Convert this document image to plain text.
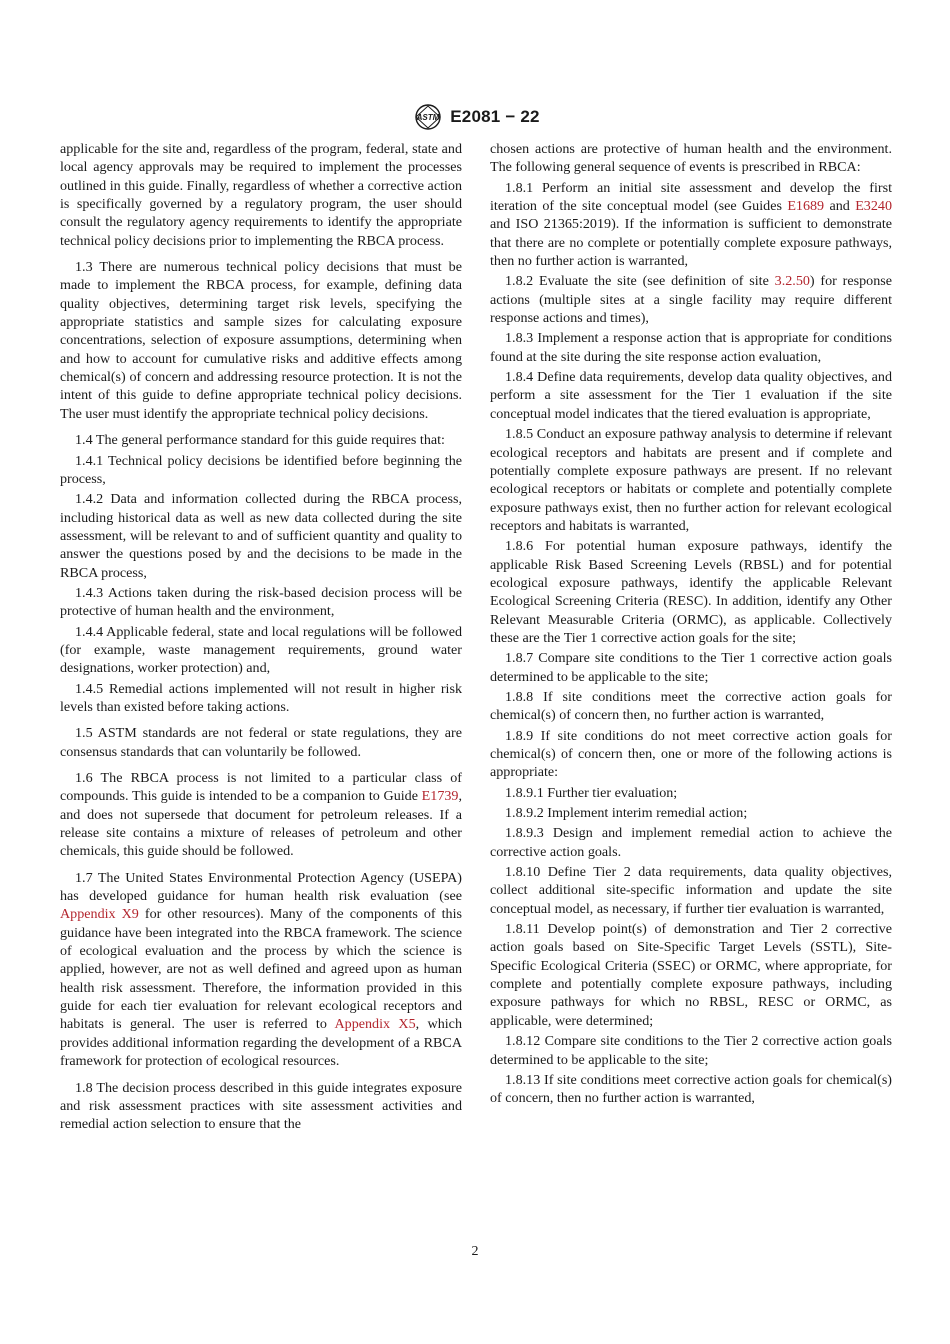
ASTM E2081 − 22

applicable for the site and, regardless of the program, federal, state and local agency approvals may be required to implement the processes outlined in this guide. Finally, regardless of whether a corrective action is specifically governed by a regulatory program, the user should consult the regulatory agency requirements to identify the appropriate technical policy decisions prior to implementing the RBCA process.

1.3 There are numerous technical policy decisions that must be made to implement the RBCA process, for example, defining data quality objectives, determining target risk levels, specifying the appropriate statistics and sample sizes for calculating exposure concentrations, selection of exposure assumptions, determining when and how to account for cumulative risks and additive effects among chemical(s) of concern and addressing resource protection. It is not the intent of this guide to define appropriate technical policy decisions. The user must identify the appropriate technical policy decisions.

1.4 The general performance standard for this guide requires that:

1.4.1 Technical policy decisions be identified before beginning the process,

1.4.2 Data and information collected during the RBCA process, including historical data as well as new data collected during the site assessment, will be relevant to and of sufficient quantity and quality to answer the questions posed by and the decisions to be made in the RBCA process,

1.4.3 Actions taken during the risk-based decision process will be protective of human health and the environment,

1.4.4 Applicable federal, state and local regulations will be followed (for example, waste management requirements, ground water designations, worker protection) and,

1.4.5 Remedial actions implemented will not result in higher risk levels than existed before taking actions.

1.5 ASTM standards are not federal or state regulations, they are consensus standards that can voluntarily be followed.

1.6 The RBCA process is not limited to a particular class of compounds. This guide is intended to be a companion to Guide E1739, and does not supersede that document for petroleum releases. If a release site contains a mixture of releases of petroleum and other chemicals, this guide should be followed.

1.7 The United States Environmental Protection Agency (USEPA) has developed guidance for human health risk evaluation (see Appendix X9 for other resources). Many of the components of this guidance have been integrated into the RBCA framework. The science of ecological evaluation and the process by which the science is applied, however, are not as well defined and agreed upon as human health risk assessment. Therefore, the information provided in this guide for each tier evaluation for relevant ecological receptors and habitats is general. The user is referred to Appendix X5, which provides additional information regarding the development of a RBCA framework for protection of ecological resources.

1.8 The decision process described in this guide integrates exposure and risk assessment practices with site assessment activities and remedial action selection to ensure that the

chosen actions are protective of human health and the environment. The following general sequence of events is prescribed in RBCA:

1.8.1 Perform an initial site assessment and develop the first iteration of the site conceptual model (see Guides E1689 and E3240 and ISO 21365:2019). If the information is sufficient to demonstrate that there are no complete or potentially complete exposure pathways, then no further action is warranted,

1.8.2 Evaluate the site (see definition of site 3.2.50) for response actions (multiple sites at a single facility may require different response actions and times),

1.8.3 Implement a response action that is appropriate for conditions found at the site during the site response action evaluation,

1.8.4 Define data requirements, develop data quality objectives, and perform a site assessment for the Tier 1 evaluation if the site conceptual model indicates that the tiered evaluation is appropriate,

1.8.5 Conduct an exposure pathway analysis to determine if relevant ecological receptors and habitats are present and if complete and potentially complete exposure pathways are present. If no relevant ecological receptors or habitats or complete and potentially complete exposure pathways exist, then no further action for relevant ecological receptors and habitats is warranted,

1.8.6 For potential human exposure pathways, identify the applicable Risk Based Screening Levels (RBSL) and for potential ecological exposure pathways, identify the applicable Relevant Ecological Screening Criteria (RESC). In addition, identify any Other Relevant Measurable Criteria (ORMC), as applicable. Collectively these are the Tier 1 corrective action goals for the site;

1.8.7 Compare site conditions to the Tier 1 corrective action goals determined to be applicable to the site;

1.8.8 If site conditions meet the corrective action goals for chemical(s) of concern then, no further action is warranted,

1.8.9 If site conditions do not meet corrective action goals for chemical(s) of concern then, one or more of the following actions is appropriate:

1.8.9.1 Further tier evaluation;

1.8.9.2 Implement interim remedial action;

1.8.9.3 Design and implement remedial action to achieve the corrective action goals.

1.8.10 Define Tier 2 data requirements, data quality objectives, collect additional site-specific information and update the site conceptual model, as necessary, if further tier evaluation is warranted,

1.8.11 Develop point(s) of demonstration and Tier 2 corrective action goals based on Site-Specific Target Levels (SSTL), Site-Specific Ecological Criteria (SSEC) or ORMC, where appropriate, for complete and potentially complete exposure pathways, including exposure pathways for which no RBSL, RESC or ORMC, as applicable, were determined;

1.8.12 Compare site conditions to the Tier 2 corrective action goals determined to be applicable to the site;

1.8.13 If site conditions meet corrective action goals for chemical(s) of concern, then no further action is warranted,

2
